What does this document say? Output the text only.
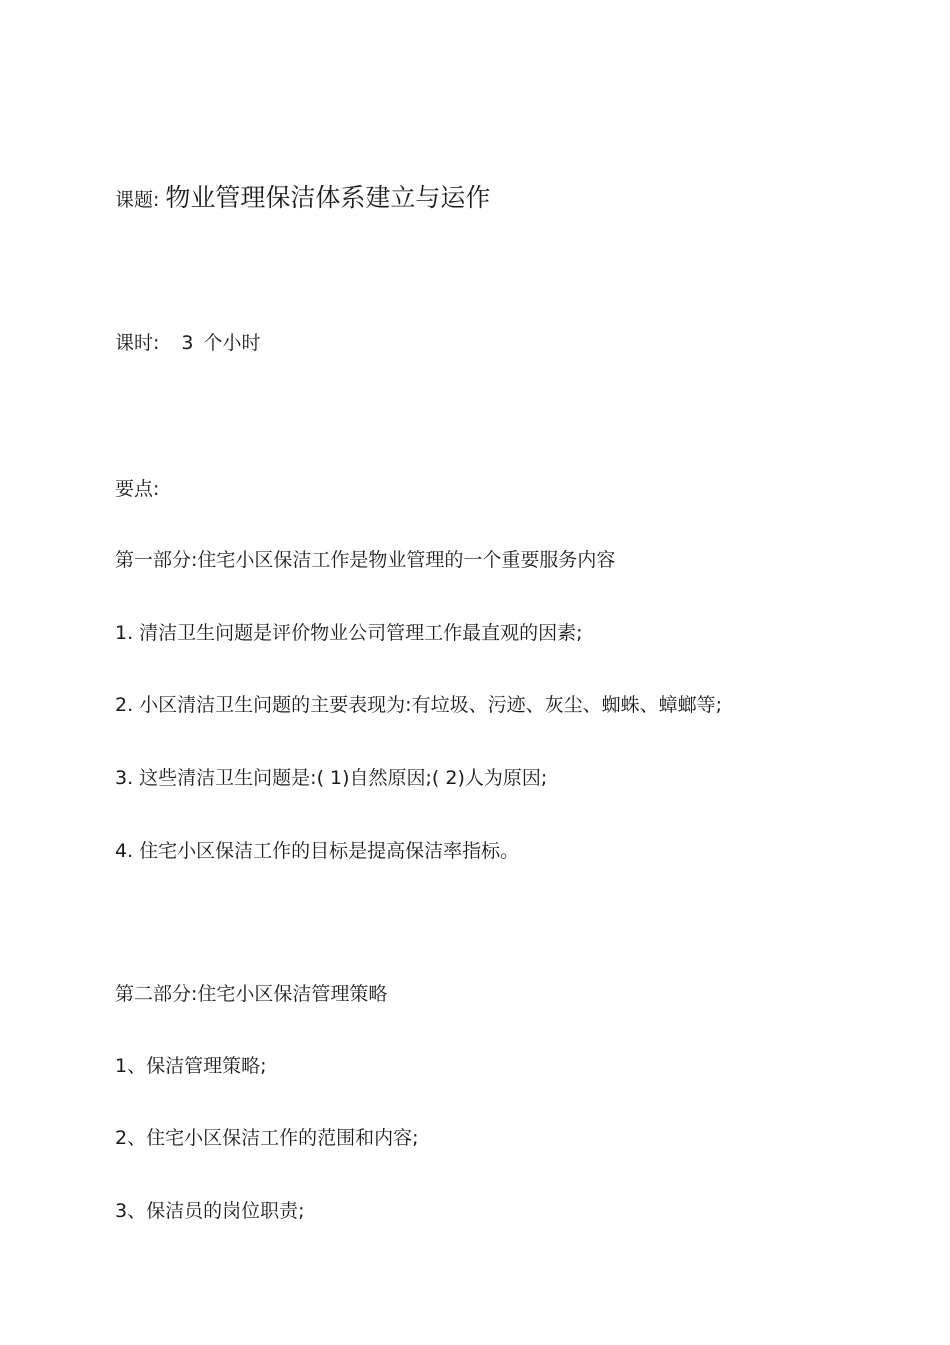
课题: 物业管理保洁体系建立与运作
课时: 3 个小时
要点:
第一部分:住宅小区保洁工作是物业管理的一个重要服务内容
1. 清洁卫生问题是评价物业公司管理工作最直观的因素;
2. 小区清洁卫生问题的主要表现为:有垃圾、污迹、灰尘、蜘蛛、蟑螂等;
3. 这些清洁卫生问题是:( 1)自然原因;( 2)人为原因;
4. 住宅小区保洁工作的目标是提高保洁率指标。
第二部分:住宅小区保洁管理策略
1、保洁管理策略;
2、住宅小区保洁工作的范围和内容;
3、保洁员的岗位职责;
